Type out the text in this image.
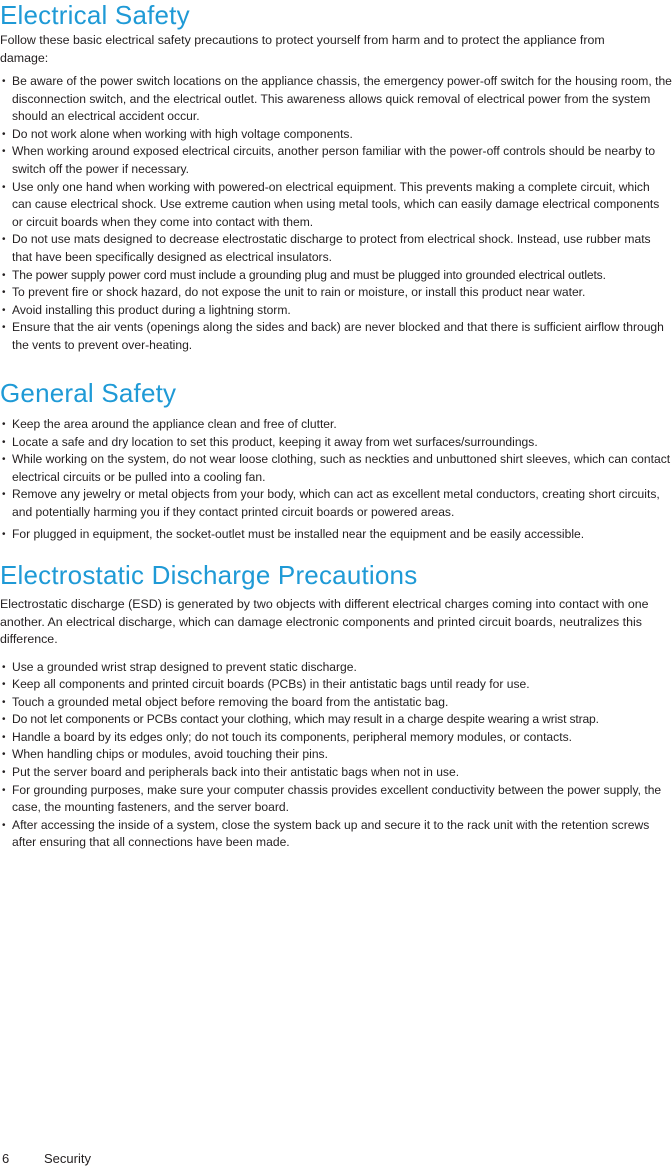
Electrical Safety

Follow these basic electrical safety precautions to protect yourself from harm and to protect the appliance from damage:

• Be aware of the power switch locations on the appliance chassis, the emergency power-off switch for the housing room, the disconnection switch, and the electrical outlet. This awareness allows quick removal of electrical power from the system should an electrical accident occur.
• Do not work alone when working with high voltage components.
• When working around exposed electrical circuits, another person familiar with the power-off controls should be nearby to switch off the power if necessary.
• Use only one hand when working with powered-on electrical equipment. This prevents making a complete circuit, which can cause electrical shock. Use extreme caution when using metal tools, which can easily damage electrical components or circuit boards when they come into contact with them.
• Do not use mats designed to decrease electrostatic discharge to protect from electrical shock. Instead, use rubber mats that have been specifically designed as electrical insulators.
• The power supply power cord must include a grounding plug and must be plugged into grounded electrical outlets.
• To prevent fire or shock hazard, do not expose the unit to rain or moisture, or install this product near water.
• Avoid installing this product during a lightning storm.
• Ensure that the air vents (openings along the sides and back) are never blocked and that there is sufficient airflow through the vents to prevent over-heating.
General Safety
• Keep the area around the appliance clean and free of clutter.
• Locate a safe and dry location to set this product, keeping it away from wet surfaces/surroundings.
• While working on the system, do not wear loose clothing, such as neckties and unbuttoned shirt sleeves, which can contact electrical circuits or be pulled into a cooling fan.
• Remove any jewelry or metal objects from your body, which can act as excellent metal conductors, creating short circuits, and potentially harming you if they contact printed circuit boards or powered areas.
• For plugged in equipment, the socket-outlet must be installed near the equipment and be easily accessible.
Electrostatic Discharge Precautions

Electrostatic discharge (ESD) is generated by two objects with different electrical charges coming into contact with one another. An electrical discharge, which can damage electronic components and printed circuit boards, neutralizes this difference.

• Use a grounded wrist strap designed to prevent static discharge.
• Keep all components and printed circuit boards (PCBs) in their antistatic bags until ready for use.
• Touch a grounded metal object before removing the board from the antistatic bag.
• Do not let components or PCBs contact your clothing, which may result in a charge despite wearing a wrist strap.
• Handle a board by its edges only; do not touch its components, peripheral memory modules, or contacts.
• When handling chips or modules, avoid touching their pins.
• Put the server board and peripherals back into their antistatic bags when not in use.
• For grounding purposes, make sure your computer chassis provides excellent conductivity between the power supply, the case, the mounting fasteners, and the server board.
• After accessing the inside of a system, close the system back up and secure it to the rack unit with the retention screws after ensuring that all connections have been made.
6	Security
